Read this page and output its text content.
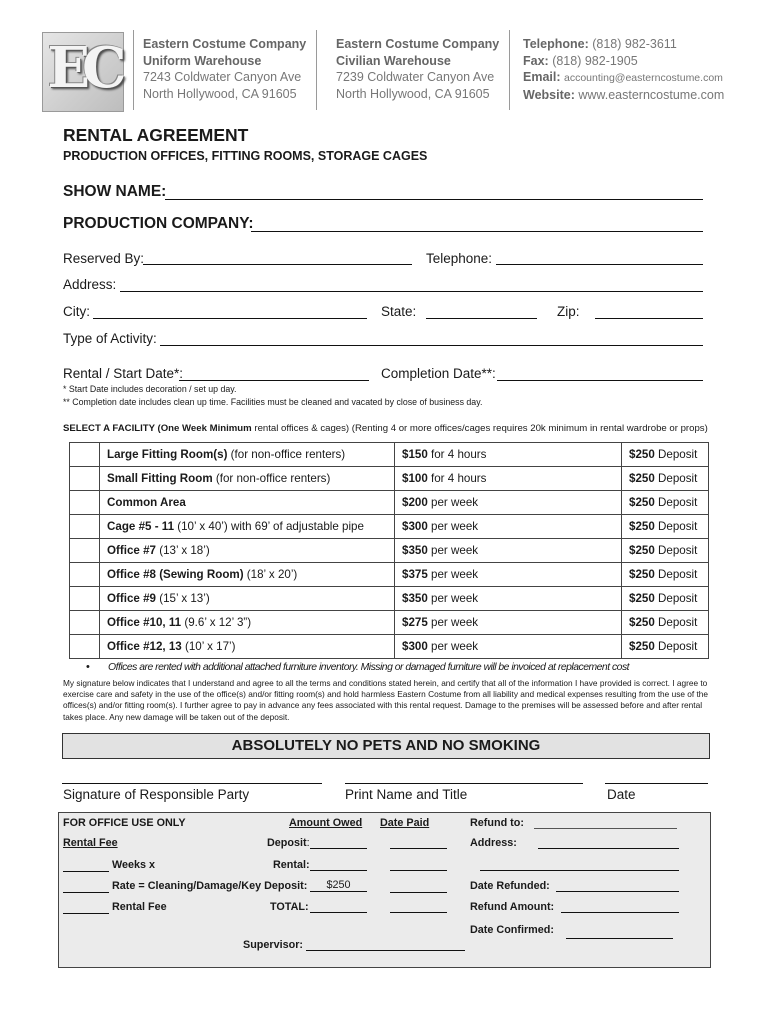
EC	Eastern Costume Company
Uniform Warehouse
7243 Coldwater Canyon Ave
North Hollywood, CA 91605
Eastern Costume Company
Civilian Warehouse
7239 Coldwater Canyon Ave
North Hollywood, CA 91605
Telephone: (818) 982-3611
Fax: (818) 982-1905
Email: accounting@easterncostume.com
Website: www.easterncostume.com
RENTAL AGREEMENT
PRODUCTION OFFICES, FITTING ROOMS, STORAGE CAGES
SHOW NAME:
PRODUCTION COMPANY:
Reserved By:	Telephone:
Address:
City:	State:	Zip:
Type of Activity:
Rental / Start Date*:	Completion Date**:
* Start Date includes decoration / set up day.
** Completion date includes clean up time. Facilities must be cleaned and vacated by close of business day.
SELECT A FACILITY (One Week Minimum rental offices & cages) (Renting 4 or more offices/cages requires 20k minimum in rental wardrobe or props)
	Large Fitting Room(s) (for non-office renters)	$150 for 4 hours	$250 Deposit
	Small Fitting Room (for non-office renters)	$100 for 4 hours	$250 Deposit
	Common Area	$200 per week	$250 Deposit
	Cage #5 - 11 (10’ x 40’) with 69’ of adjustable pipe	$300 per week	$250 Deposit
	Office #7 (13’ x 18’)	$350 per week	$250 Deposit
	Office #8 (Sewing Room) (18’ x 20’)	$375 per week	$250 Deposit
	Office #9 (15’ x 13’)	$350 per week	$250 Deposit
	Office #10, 11 (9.6’ x 12’ 3”)	$275 per week	$250 Deposit
	Office #12, 13 (10’ x 17’)	$300 per week	$250 Deposit
• Offices are rented with additional attached furniture inventory. Missing or damaged furniture will be invoiced at replacement cost
My signature below indicates that I understand and agree to all the terms and conditions stated herein, and certify that all of the information I have provided is correct. I agree to exercise care and safety in the use of the office(s) and/or fitting room(s) and hold harmless Eastern Costume from all liability and medical expenses resulting from the use of the offices(s) and/or fitting room(s). I further agree to pay in advance any fees associated with this rental request. Damage to the premises will be assessed before and after rental takes place. Any new damage will be taken out of the deposit.
ABSOLUTELY NO PETS AND NO SMOKING
Signature of Responsible Party	Print Name and Title	Date
FOR OFFICE USE ONLY	Amount Owed Date Paid	Refund to:
Rental Fee	Deposit:	Address:
Weeks x	Rental:
Rate = Cleaning/Damage/Key Deposit:	$250	Date Refunded:
Rental Fee	TOTAL:	Refund Amount:
Date Confirmed:
Supervisor:
